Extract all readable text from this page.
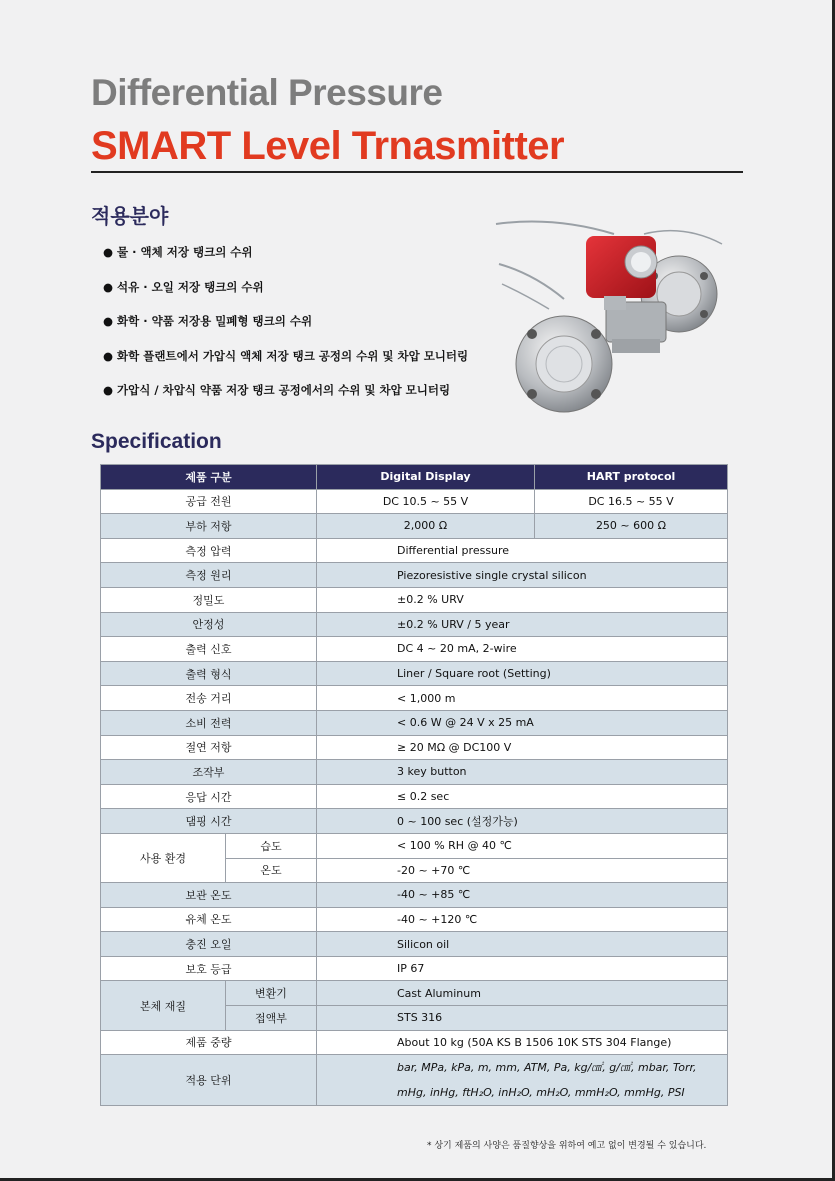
Differential Pressure
SMART Level Trnasmitter
적용분야
● 물 · 액체 저장 탱크의 수위
● 석유 · 오일 저장 탱크의 수위
● 화학 · 약품 저장용 밀폐형 탱크의 수위
● 화학 플랜트에서 가압식 액체 저장 탱크 공정의 수위 및 차압 모니터링
● 가압식 / 차압식 약품 저장 탱크 공정에서의 수위 및 차압 모니터링
Specification
제품 구분		Digital Display	HART protocol
공급 전원		DC 10.5 ~ 55 V	DC 16.5 ~ 55 V
부하 저항		2,000 Ω	250 ~ 600 Ω
측정 압력		Differential pressure	
측정 원리		Piezoresistive single crystal silicon	
정밀도		±0.2 % URV	
안정성		±0.2 % URV / 5 year	
출력 신호		DC 4 ~ 20 mA, 2-wire	
출력 형식		Liner / Square root (Setting)	
전송 거리		< 1,000 m	
소비 전력		< 0.6 W @ 24 V x 25 mA	
절연 저항		≥ 20 MΩ @ DC100 V	
조작부		3 key button	
응답 시간		≤ 0.2 sec	
댐핑 시간		0 ~ 100 sec (설정가능)	
사용 환경	습도	< 100 % RH @ 40 ℃	
	온도	-20 ~ +70 ℃	
보관 온도		-40 ~ +85 ℃	
유체 온도		-40 ~ +120 ℃	
충진 오일		Silicon oil	
보호 등급		IP 67	
본체 재질	변환기	Cast Aluminum	
	접액부	STS 316	
제품 중량		About 10 kg (50A KS B 1506 10K STS 304 Flange)	
적용 단위		bar, MPa, kPa, m, mm, ATM, Pa, kg/㎠, g/㎠, mbar, Torr,
mHg, inHg, ftH₂O, inH₂O, mH₂O, mmH₂O, mmHg, PSI	
* 상기 제품의 사양은 품질향상을 위하여 예고 없이 변경될 수 있습니다.
